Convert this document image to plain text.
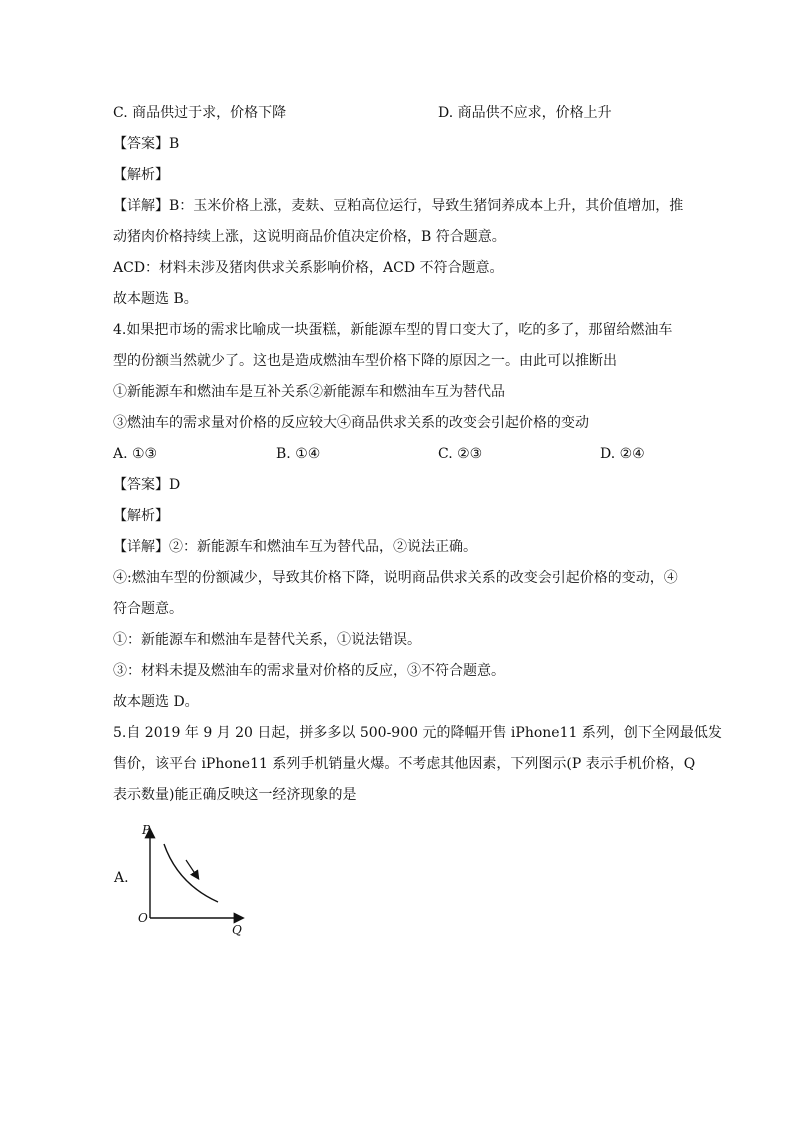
C. 商品供过于求，价格下降	D. 商品供不应求，价格上升
【答案】B
【解析】
【详解】B：玉米价格上涨，麦麸、豆粕高位运行，导致生猪饲养成本上升，其价值增加，推
动猪肉价格持续上涨，这说明商品价值决定价格，B 符合题意。
ACD：材料未涉及猪肉供求关系影响价格，ACD 不符合题意。
故本题选 B。
4.如果把市场的需求比喻成一块蛋糕，新能源车型的胃口变大了，吃的多了，那留给燃油车
型的份额当然就少了。这也是造成燃油车型价格下降的原因之一。由此可以推断出
①新能源车和燃油车是互补关系②新能源车和燃油车互为替代品
③燃油车的需求量对价格的反应较大④商品供求关系的改变会引起价格的变动
A. ①③	B. ①④	C. ②③	D. ②④
【答案】D
【解析】
【详解】②：新能源车和燃油车互为替代品，②说法正确。
④:燃油车型的份额减少，导致其价格下降，说明商品供求关系的改变会引起价格的变动，④
符合题意。
①：新能源车和燃油车是替代关系，①说法错误。
③：材料未提及燃油车的需求量对价格的反应，③不符合题意。
故本题选 D。
5.自 2019 年 9 月 20 日起，拼多多以 500-900 元的降幅开售 iPhone11 系列，创下全网最低发
售价，该平台 iPhone11 系列手机销量火爆。不考虑其他因素，下列图示(P 表示手机价格，Q
表示数量)能正确反映这一经济现象的是
A.
P
O
Q
